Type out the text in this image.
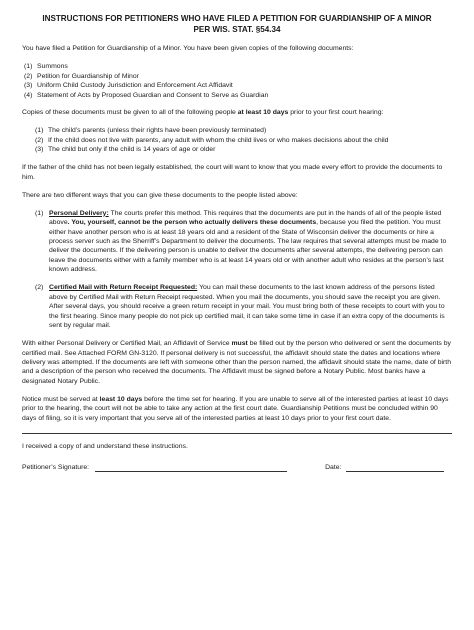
INSTRUCTIONS FOR PETITIONERS WHO HAVE FILED A PETITION FOR GUARDIANSHIP OF A MINOR
PER WIS. STAT. §54.34

You have filed a Petition for Guardianship of a Minor. You have been given copies of the following documents:

(1) Summons
(2) Petition for Guardianship of Minor
(3) Uniform Child Custody Jurisdiction and Enforcement Act Affidavit
(4) Statement of Acts by Proposed Guardian and Consent to Serve as Guardian

Copies of these documents must be given to all of the following people at least 10 days prior to your first court hearing:

(1) The child’s parents (unless their rights have been previously terminated)
(2) If the child does not live with parents, any adult with whom the child lives or who makes decisions about the child
(3) The child but only if the child is 14 years of age or older

If the father of the child has not been legally established, the court will want to know that you made every effort to provide the documents to him.

There are two different ways that you can give these documents to the people listed above:

(1) Personal Delivery: The courts prefer this method. This requires that the documents are put in the hands of all of the people listed above. You, yourself, cannot be the person who actually delivers these documents, because you filed the petition. You must either have another person who is at least 18 years old and a resident of the State of Wisconsin deliver the documents or hire a process server such as the Sherriff’s Department to deliver the documents. The law requires that several attempts must be made to deliver the documents. If the delivering person is unable to deliver the documents after several attempts, the delivering person can leave the documents either with a family member who is at least 14 years old or with another adult who resides at the person’s last known address.
(2) Certified Mail with Return Receipt Requested: You can mail these documents to the last known address of the persons listed above by Certified Mail with Return Receipt requested. When you mail the documents, you should save the receipt you are given. After several days, you should receive a green return receipt in your mail. You must bring both of these receipts to court with you to the first hearing. Since many people do not pick up certified mail, it can take some time in case if an extra copy of the documents is sent by regular mail.

With either Personal Delivery or Certified Mail, an Affidavit of Service must be filled out by the person who delivered or sent the documents by certified mail. See Attached FORM GN-3120. If personal delivery is not successful, the affidavit should state the dates and locations where delivery was attempted. If the documents are left with someone other than the person named, the affidavit should state the name, date of birth and a description of the person who received the documents. The Affidavit must be signed before a Notary Public. Most banks have a designated Notary Public.

Notice must be served at least 10 days before the time set for hearing. If you are unable to serve all of the interested parties at least 10 days prior to the hearing, the court will not be able to take any action at the first court date. Guardianship Petitions must be concluded within 90 days of filing, so it is very important that you serve all of the interested parties at least 10 days prior to your first court date.

I received a copy of and understand these instructions.

Petitioner’s Signature:	Date:
